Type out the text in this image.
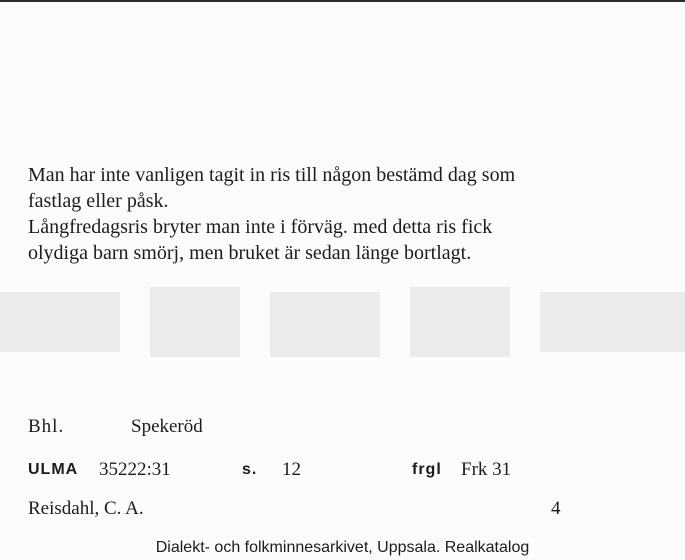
Man har inte vanligen tagit in ris till någon bestämd dag som
fastlag eller påsk.
Långfredagsris bryter man inte i förväg. med detta ris fick
olydiga barn smörj, men bruket är sedan länge bortlagt.
Bhl.	Spekeröd
ULMA 35222:31	s. 12	frgl Frk 31
Reisdahl, C. A.	4
Dialekt- och folkminnesarkivet, Uppsala. Realkatalog
